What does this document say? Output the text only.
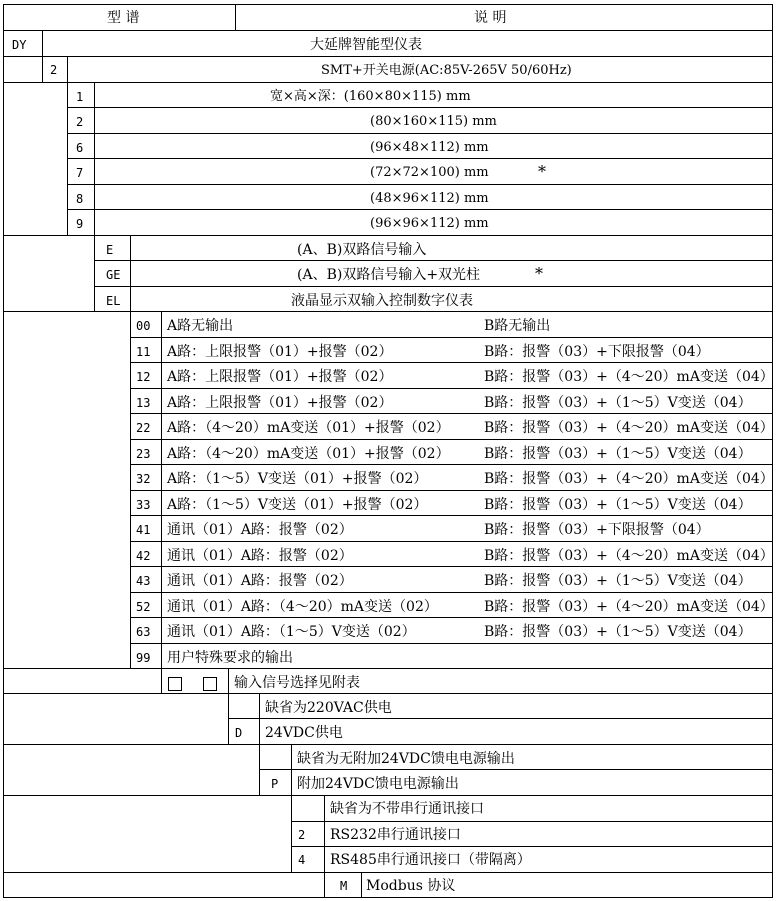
型 谱	说 明
DY	大延牌智能型仪表
2	SMT+开关电源(AC:85V-265V 50/60Hz)
1	宽×高×深：(160×80×115) mm
2	(80×160×115) mm
6	(96×48×112) mm
7	(72×72×100) mm	*
8	(48×96×112) mm
9	(96×96×112) mm
E	(A、B)双路信号输入
GE	(A、B)双路信号输入+双光柱	*
EL	液晶显示双输入控制数字仪表
00 A路无输出	B路无输出
11 A路：上限报警（01）+报警（02）	B路：报警（03）+下限报警（04）
12 A路：上限报警（01）+报警（02）	B路：报警（03）+（4～20）mA变送（04）
13 A路：上限报警（01）+报警（02）	B路：报警（03）+（1～5）V变送（04）
22 A路：（4～20）mA变送（01）+报警（02） B路：报警（03）+（4～20）mA变送（04）
23 A路：（4～20）mA变送（01）+报警（02） B路：报警（03）+（1～5）V变送（04）
32 A路：（1～5）V变送（01）+报警（02）	B路：报警（03）+（4～20）mA变送（04）
33 A路：（1～5）V变送（01）+报警（02）	B路：报警（03）+（1～5）V变送（04）
41 通讯（01）A路：报警（02）	B路：报警（03）+下限报警（04）
42 通讯（01）A路：报警（02）	B路：报警（03）+（4～20）mA变送（04）
43 通讯（01）A路：报警（02）	B路：报警（03）+（1～5）V变送（04）
52 通讯（01）A路：（4～20）mA变送（02）	B路：报警（03）+（4～20）mA变送（04）
63 通讯（01）A路：（1～5）V变送（02）	B路：报警（03）+（1～5）V变送（04）
99 用户特殊要求的输出
输入信号选择见附表
缺省为220VAC供电
D 24VDC供电
缺省为无附加24VDC馈电电源输出
P 附加24VDC馈电电源输出
缺省为不带串行通讯接口
2 RS232串行通讯接口
4 RS485串行通讯接口（带隔离）
M Modbus 协议
